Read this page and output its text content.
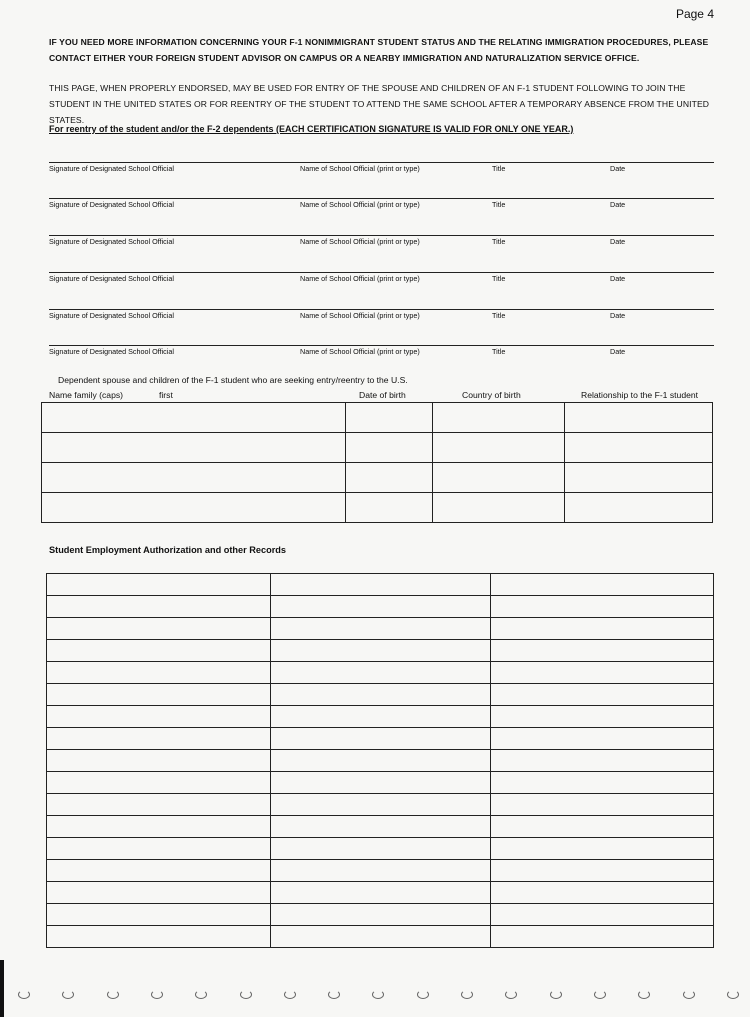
Page 4
IF YOU NEED MORE INFORMATION CONCERNING YOUR F-1 NONIMMIGRANT STUDENT STATUS AND THE RELATING IMMIGRATION PROCEDURES, PLEASE CONTACT EITHER YOUR FOREIGN STUDENT ADVISOR ON CAMPUS OR A NEARBY IMMIGRATION AND NATURALIZATION SERVICE OFFICE.
THIS PAGE, WHEN PROPERLY ENDORSED, MAY BE USED FOR ENTRY OF THE SPOUSE AND CHILDREN OF AN F-1 STUDENT FOLLOWING TO JOIN THE STUDENT IN THE UNITED STATES OR FOR REENTRY OF THE STUDENT TO ATTEND THE SAME SCHOOL AFTER A TEMPORARY ABSENCE FROM THE UNITED STATES.
For reentry of the student and/or the F-2 dependents (EACH CERTIFICATION SIGNATURE IS VALID FOR ONLY ONE YEAR.)
Signature of Designated School Official	Name of School Official (print or type)	Title	Date
Signature of Designated School Official	Name of School Official (print or type)	Title	Date
Signature of Designated School Official	Name of School Official (print or type)	Title	Date
Signature of Designated School Official	Name of School Official (print or type)	Title	Date
Signature of Designated School Official	Name of School Official (print or type)	Title	Date
Signature of Designated School Official	Name of School Official (print or type)	Title	Date
Dependent spouse and children of the F-1 student who are seeking entry/reentry to the U.S.
Name family (caps)	first	Date of birth	Country of birth	Relationship to the F-1 student

Student Employment Authorization and other Records
